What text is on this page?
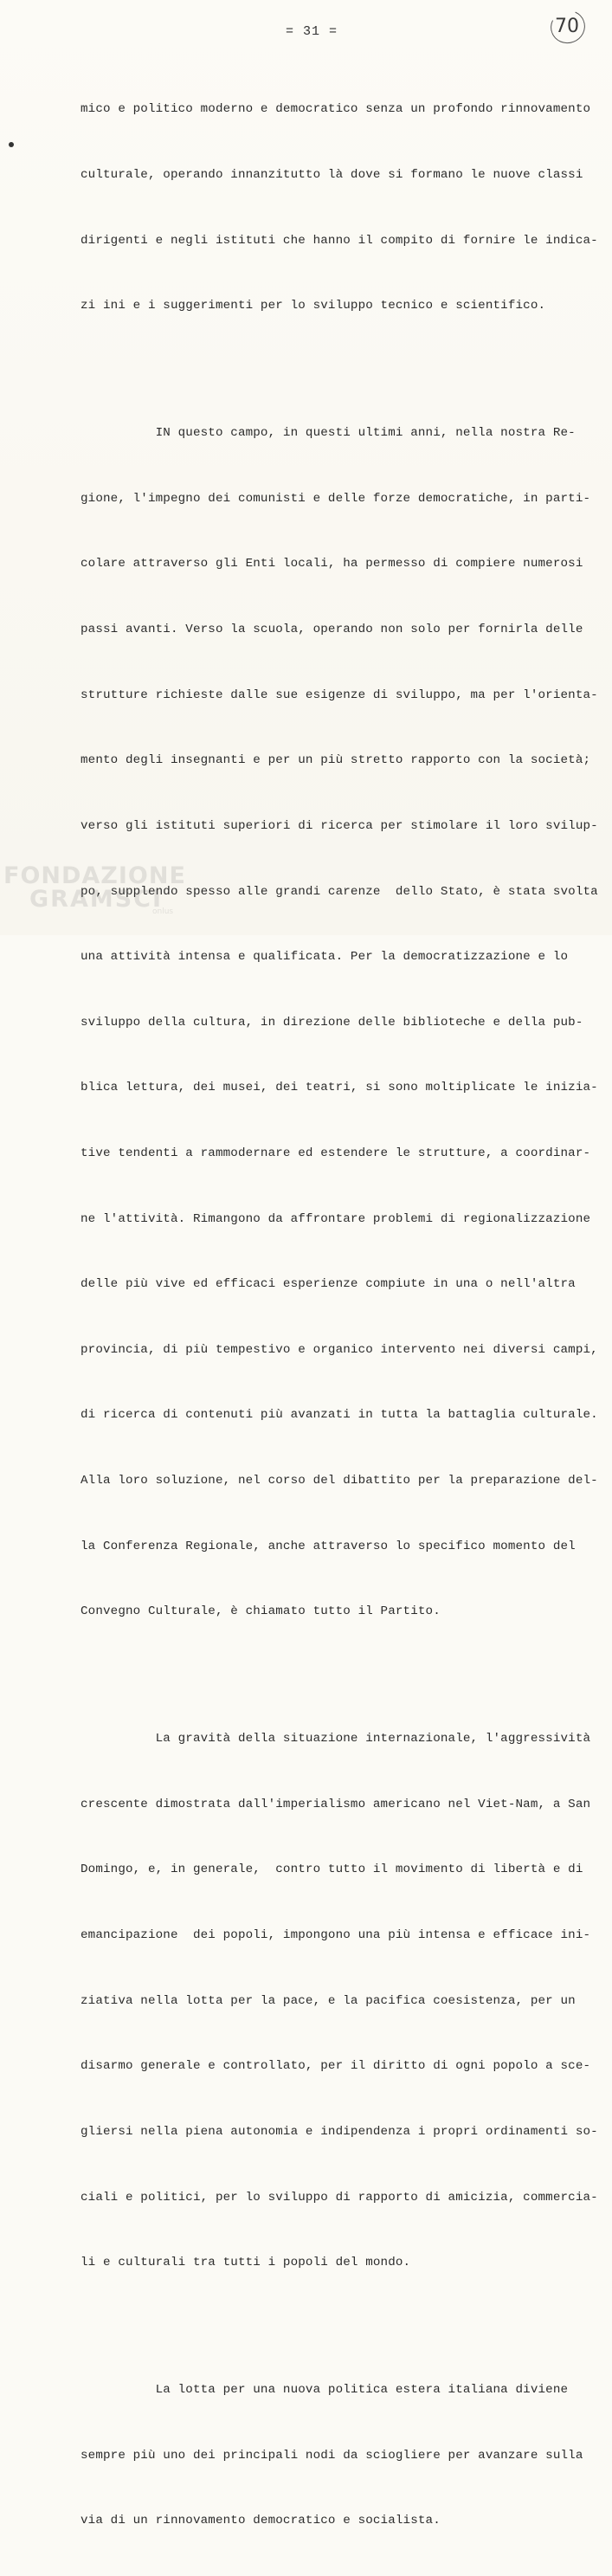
= 31 =	70

mico e politico moderno e democratico senza un profondo rinnovamento

culturale, operando innanzitutto là dove si formano le nuove classi

dirigenti e negli istituti che hanno il compito di fornire le indica-

zi ini e i suggerimenti per lo sviluppo tecnico e scientifico.

IN questo campo, in questi ultimi anni, nella nostra Re-

gione, l'impegno dei comunisti e delle forze democratiche, in parti-

colare attraverso gli Enti locali, ha permesso di compiere numerosi

passi avanti. Verso la scuola, operando non solo per fornirla delle

strutture richieste dalle sue esigenze di sviluppo, ma per l'orienta-

mento degli insegnanti e per un più stretto rapporto con la società;

verso gli istituti superiori di ricerca per stimolare il loro svilup-

po, supplendo spesso alle grandi carenze  dello Stato, è stata svolta

una attività intensa e qualificata. Per la democratizzazione e lo

sviluppo della cultura, in direzione delle biblioteche e della pub-

blica lettura, dei musei, dei teatri, si sono moltiplicate le inizia-

tive tendenti a rammodernare ed estendere le strutture, a coordinar-

ne l'attività. Rimangono da affrontare problemi di regionalizzazione

delle più vive ed efficaci esperienze compiute in una o nell'altra

provincia, di più tempestivo e organico intervento nei diversi campi,

di ricerca di contenuti più avanzati in tutta la battaglia culturale.

Alla loro soluzione, nel corso del dibattito per la preparazione del-

la Conferenza Regionale, anche attraverso lo specifico momento del

Convegno Culturale, è chiamato tutto il Partito.

La gravità della situazione internazionale, l'aggressività

crescente dimostrata dall'imperialismo americano nel Viet-Nam, a San

Domingo, e, in generale,  contro tutto il movimento di libertà e di

emancipazione  dei popoli, impongono una più intensa e efficace ini-

ziativa nella lotta per la pace, e la pacifica coesistenza, per un

disarmo generale e controllato, per il diritto di ogni popolo a sce-

gliersi nella piena autonomia e indipendenza i propri ordinamenti so-

ciali e politici, per lo sviluppo di rapporto di amicizia, commercia-

li e culturali tra tutti i popoli del mondo.

La lotta per una nuova politica estera italiana diviene

sempre più uno dei principali nodi da sciogliere per avanzare sulla

via di un rinnovamento democratico e socialista.

FONDAZIONE
GRAMSCI
onlus
